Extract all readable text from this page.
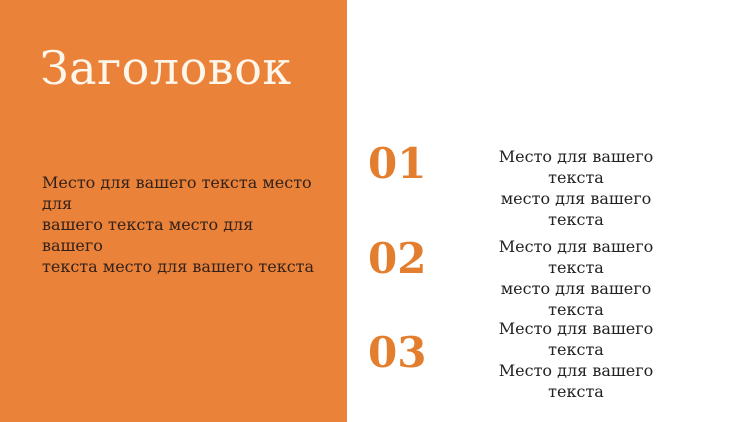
Заголовок

Место для вашего текста место для
вашего текста место для вашего
текста место для вашего текста

01	Место для вашего текста
место для вашего текста
02	Место для вашего текста
место для вашего текста
03	Место для вашего текста
Место для вашего текста
